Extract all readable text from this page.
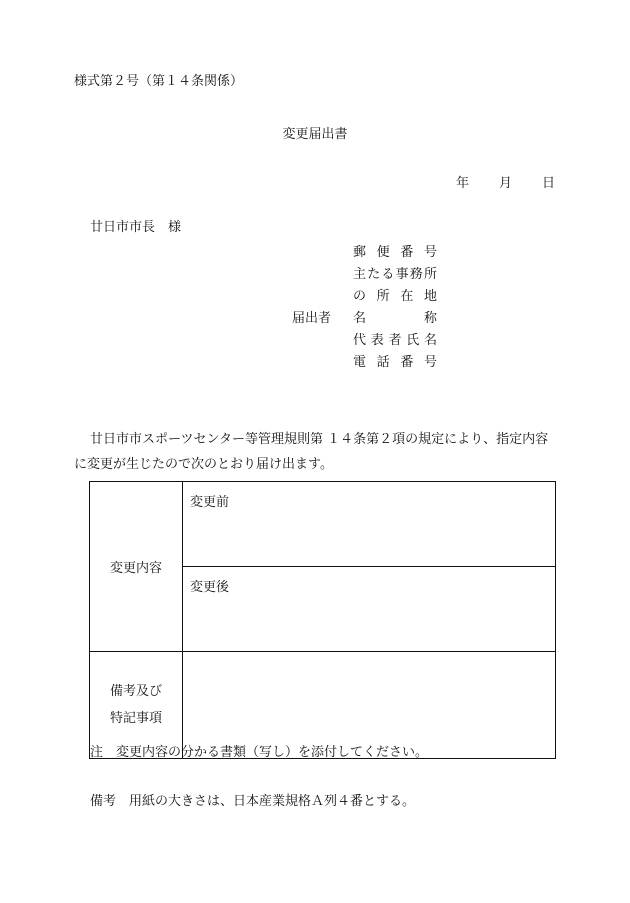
様式第２号（第１４条関係）
変更届出書
年 月 日
廿日市市長　様
届出者
郵 便 番 号
主 た る 事 務 所
の 所 在 地
名	称
代 表 者 氏 名
電 話 番 号
廿日市市スポーツセンター等管理規則第 １４条第２項の規定により、指定内容に変更が生じたので次のとおり届け出ます。
変更内容	変更前
	変更後

備考及び
特記事項	

注　変更内容の分かる書類（写し）を添付してください。
備考　用紙の大きさは、日本産業規格Ａ列４番とする。
